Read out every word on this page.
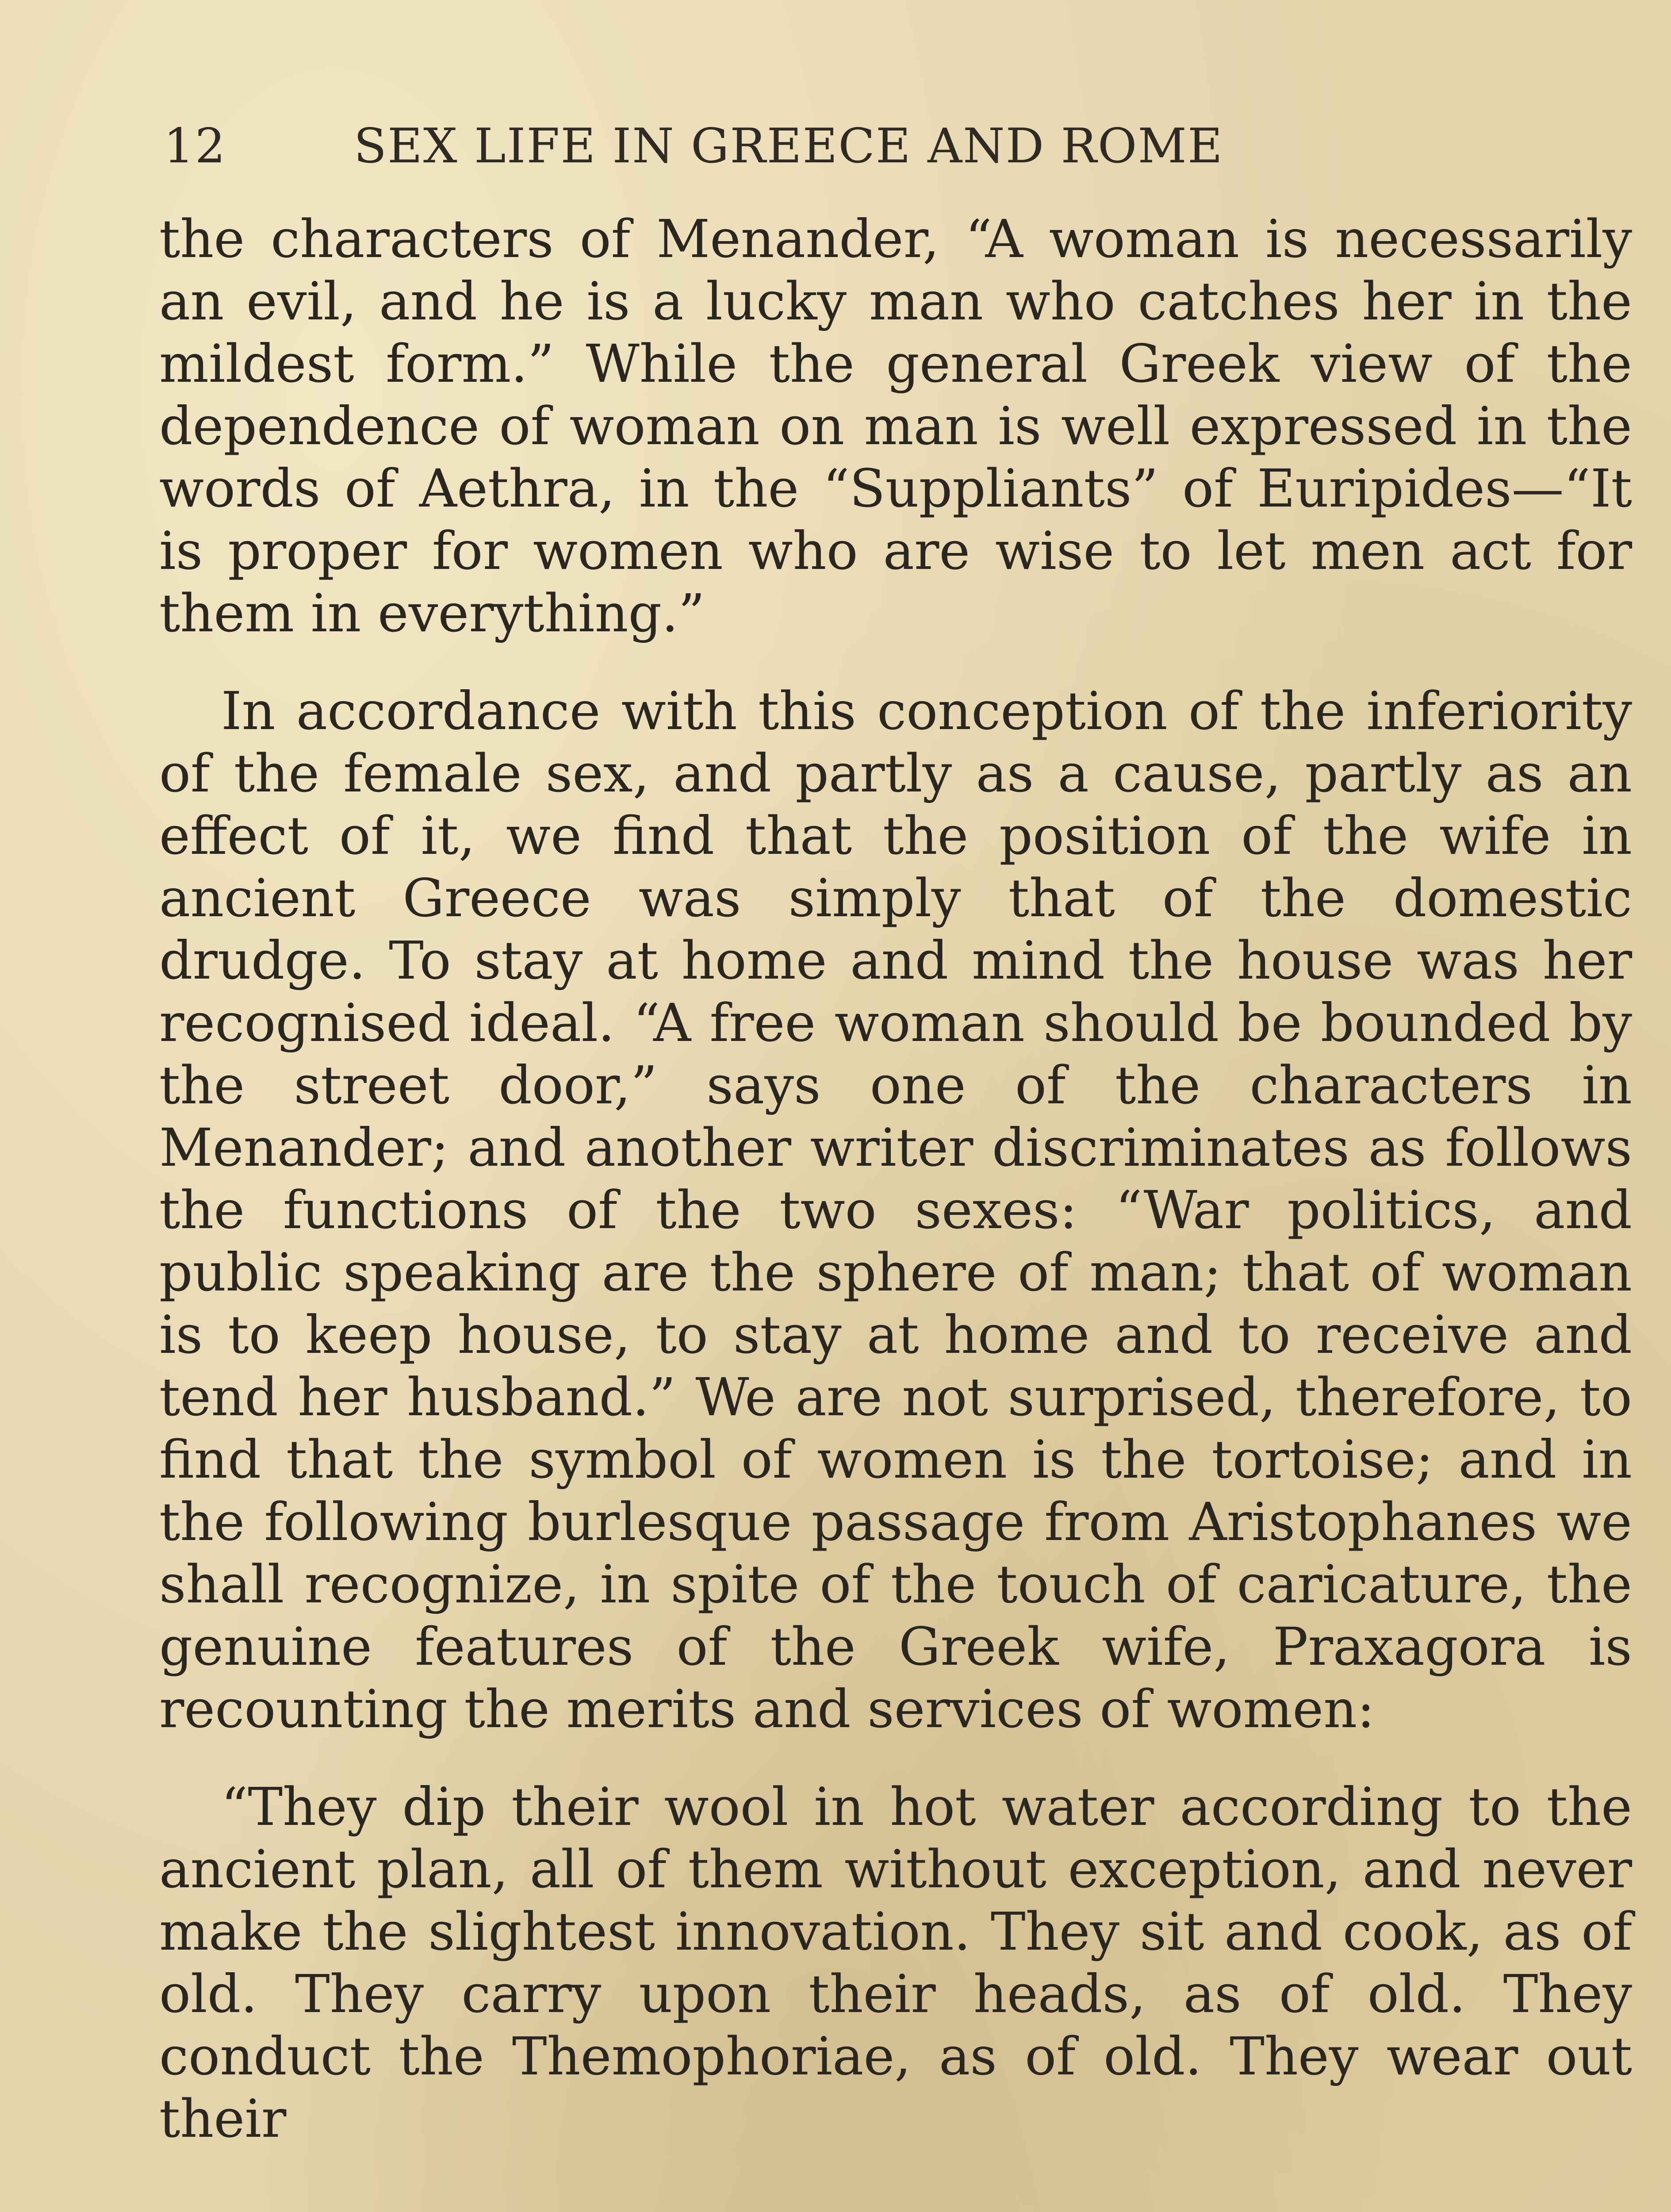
12	SEX LIFE IN GREECE AND ROME

the characters of Menander, “A woman is necessarily an evil, and he is a lucky man who catches her in the mildest form.” While the general Greek view of the dependence of woman on man is well expressed in the words of Aethra, in the “Suppliants” of Euripides—“It is proper for women who are wise to let men act for them in everything.”

In accordance with this conception of the inferiority of the female sex, and partly as a cause, partly as an effect of it, we find that the position of the wife in ancient Greece was simply that of the domestic drudge. To stay at home and mind the house was her recognised ideal. “A free woman should be bounded by the street door,” says one of the characters in Menander; and another writer discriminates as follows the functions of the two sexes: “War politics, and public speaking are the sphere of man; that of woman is to keep house, to stay at home and to receive and tend her husband.” We are not surprised, therefore, to find that the symbol of women is the tortoise; and in the following burlesque passage from Aristophanes we shall recognize, in spite of the touch of caricature, the genuine features of the Greek wife, Praxagora is recounting the merits and services of women:

“They dip their wool in hot water according to the ancient plan, all of them without exception, and never make the slightest innovation. They sit and cook, as of old. They carry upon their heads, as of old. They conduct the Themophoriae, as of old. They wear out their
